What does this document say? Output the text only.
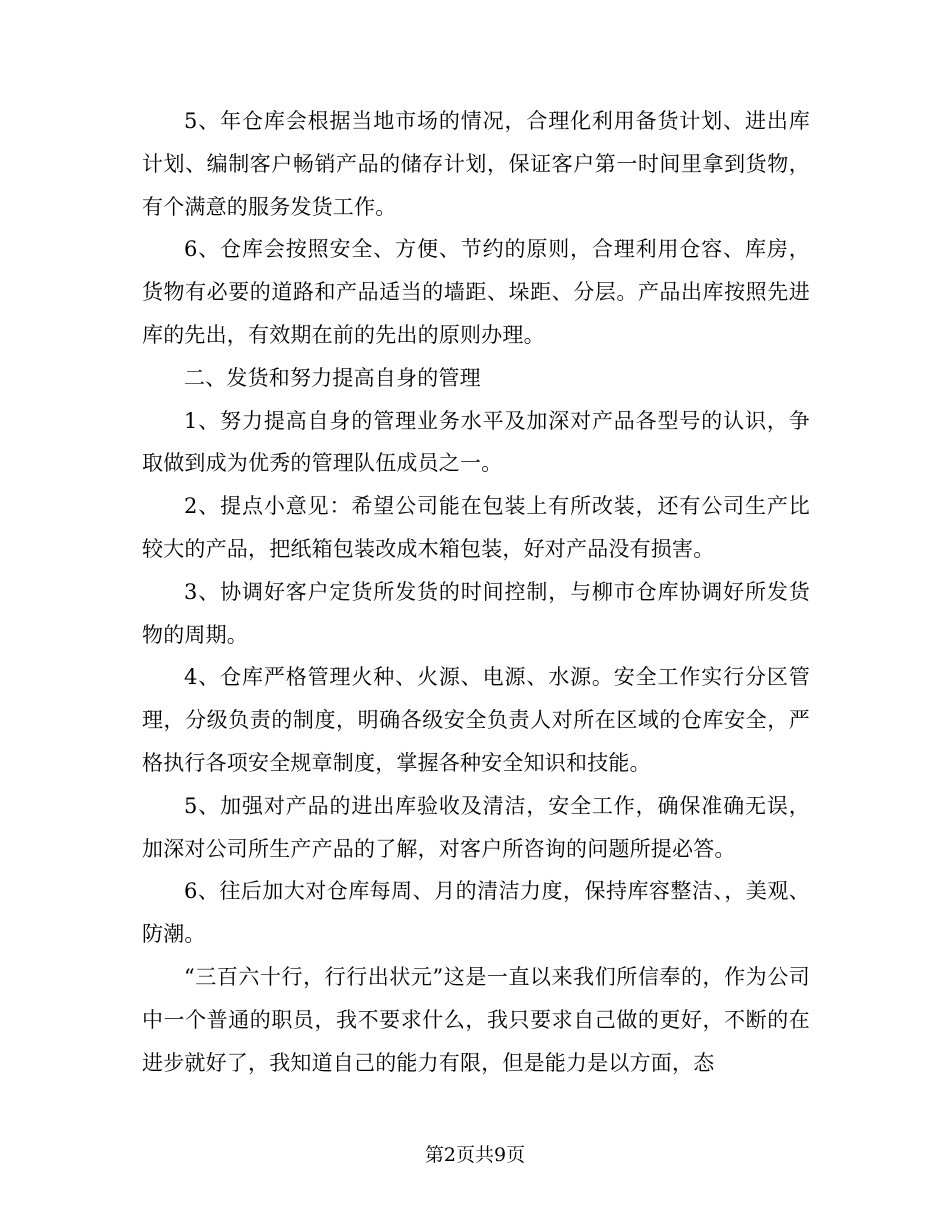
5、年仓库会根据当地市场的情况，合理化利用备货计划、进出库计划、编制客户畅销产品的储存计划，保证客户第一时间里拿到货物，有个满意的服务发货工作。

6、仓库会按照安全、方便、节约的原则，合理利用仓容、库房，货物有必要的道路和产品适当的墙距、垛距、分层。产品出库按照先进库的先出，有效期在前的先出的原则办理。

二、发货和努力提高自身的管理

1、努力提高自身的管理业务水平及加深对产品各型号的认识，争取做到成为优秀的管理队伍成员之一。

2、提点小意见：希望公司能在包装上有所改装，还有公司生产比较大的产品，把纸箱包装改成木箱包装，好对产品没有损害。

3、协调好客户定货所发货的时间控制，与柳市仓库协调好所发货物的周期。

4、仓库严格管理火种、火源、电源、水源。安全工作实行分区管理，分级负责的制度，明确各级安全负责人对所在区域的仓库安全，严格执行各项安全规章制度，掌握各种安全知识和技能。

5、加强对产品的进出库验收及清洁，安全工作，确保准确无误，加深对公司所生产产品的了解，对客户所咨询的问题所提必答。

6、往后加大对仓库每周、月的清洁力度，保持库容整洁、，美观、防潮。

“三百六十行，行行出状元”这是一直以来我们所信奉的，作为公司中一个普通的职员，我不要求什么，我只要求自己做的更好，不断的在进步就好了，我知道自己的能力有限，但是能力是以方面，态

第2页共9页
